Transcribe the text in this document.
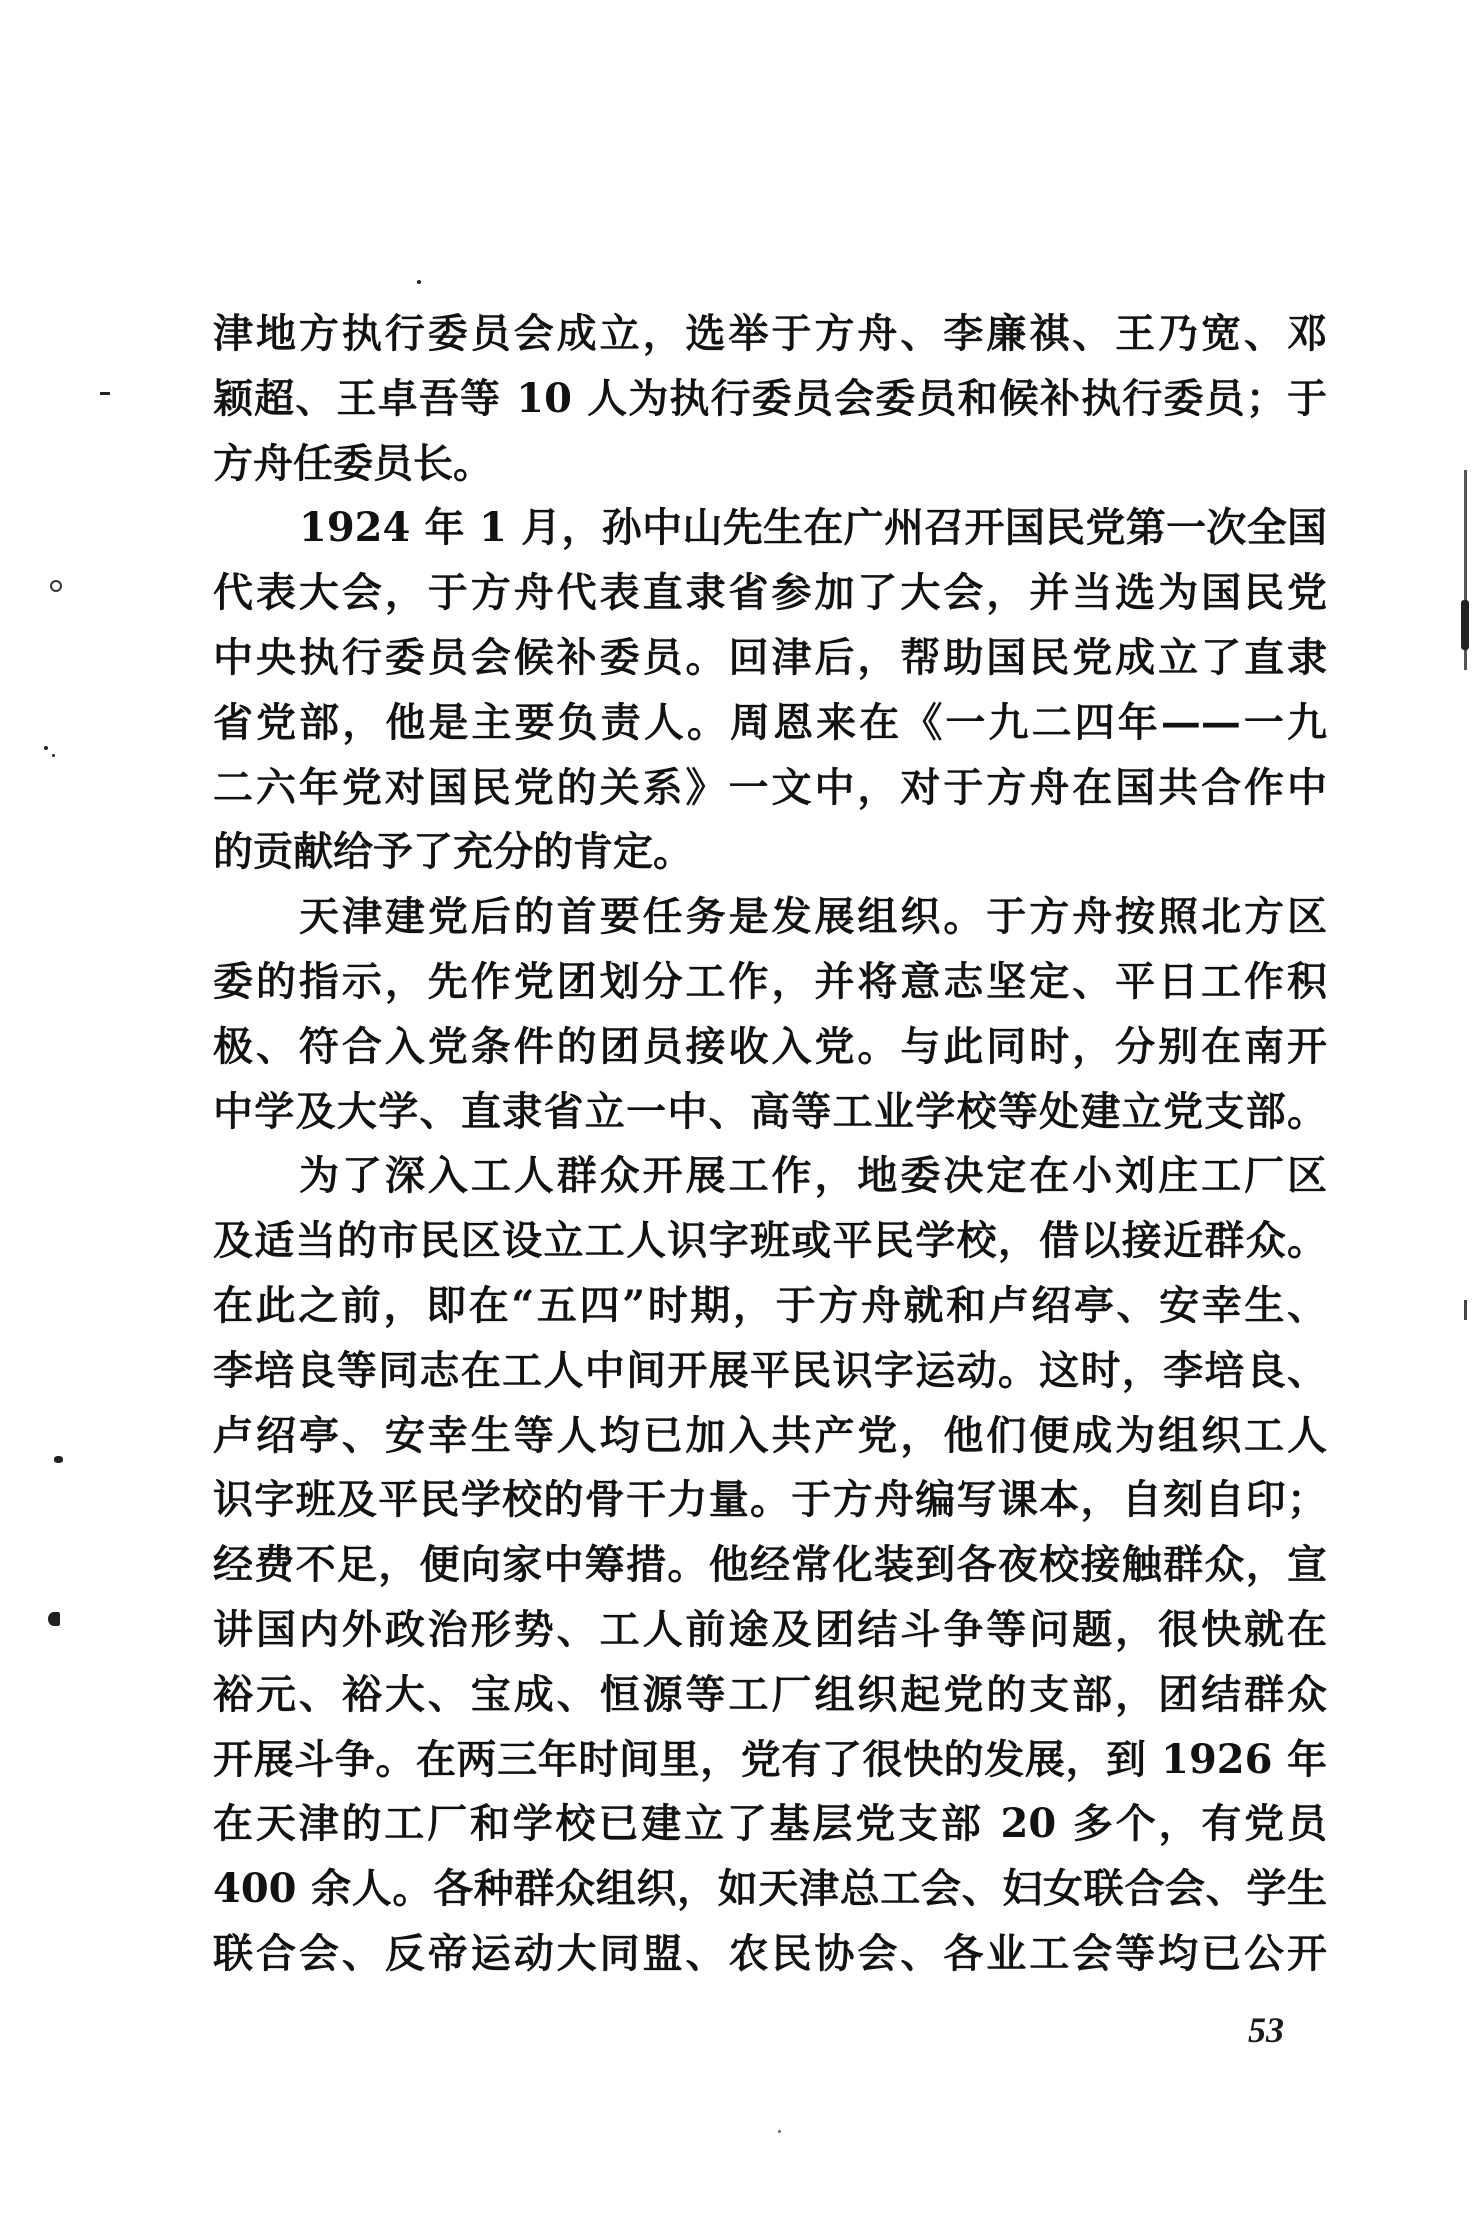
津地方执行委员会成立，选举于方舟、李廉祺、王乃宽、邓
颖超、王卓吾等 10 人为执行委员会委员和候补执行委员；于
方舟任委员长。
1924 年 1 月，孙中山先生在广州召开国民党第一次全国
代表大会，于方舟代表直隶省参加了大会，并当选为国民党
中央执行委员会候补委员。回津后，帮助国民党成立了直隶
省党部，他是主要负责人。周恩来在《一九二四年——一九
二六年党对国民党的关系》一文中，对于方舟在国共合作中
的贡献给予了充分的肯定。
天津建党后的首要任务是发展组织。于方舟按照北方区
委的指示，先作党团划分工作，并将意志坚定、平日工作积
极、符合入党条件的团员接收入党。与此同时，分别在南开
中学及大学、直隶省立一中、高等工业学校等处建立党支部。
为了深入工人群众开展工作，地委决定在小刘庄工厂区
及适当的市民区设立工人识字班或平民学校，借以接近群众。
在此之前，即在“五四”时期，于方舟就和卢绍亭、安幸生、
李培良等同志在工人中间开展平民识字运动。这时，李培良、
卢绍亭、安幸生等人均已加入共产党，他们便成为组织工人
识字班及平民学校的骨干力量。于方舟编写课本，自刻自印；
经费不足，便向家中筹措。他经常化装到各夜校接触群众，宣
讲国内外政治形势、工人前途及团结斗争等问题，很快就在
裕元、裕大、宝成、恒源等工厂组织起党的支部，团结群众
开展斗争。在两三年时间里，党有了很快的发展，到 1926 年
在天津的工厂和学校已建立了基层党支部 20 多个，有党员
400 余人。各种群众组织，如天津总工会、妇女联合会、学生
联合会、反帝运动大同盟、农民协会、各业工会等均已公开
53
